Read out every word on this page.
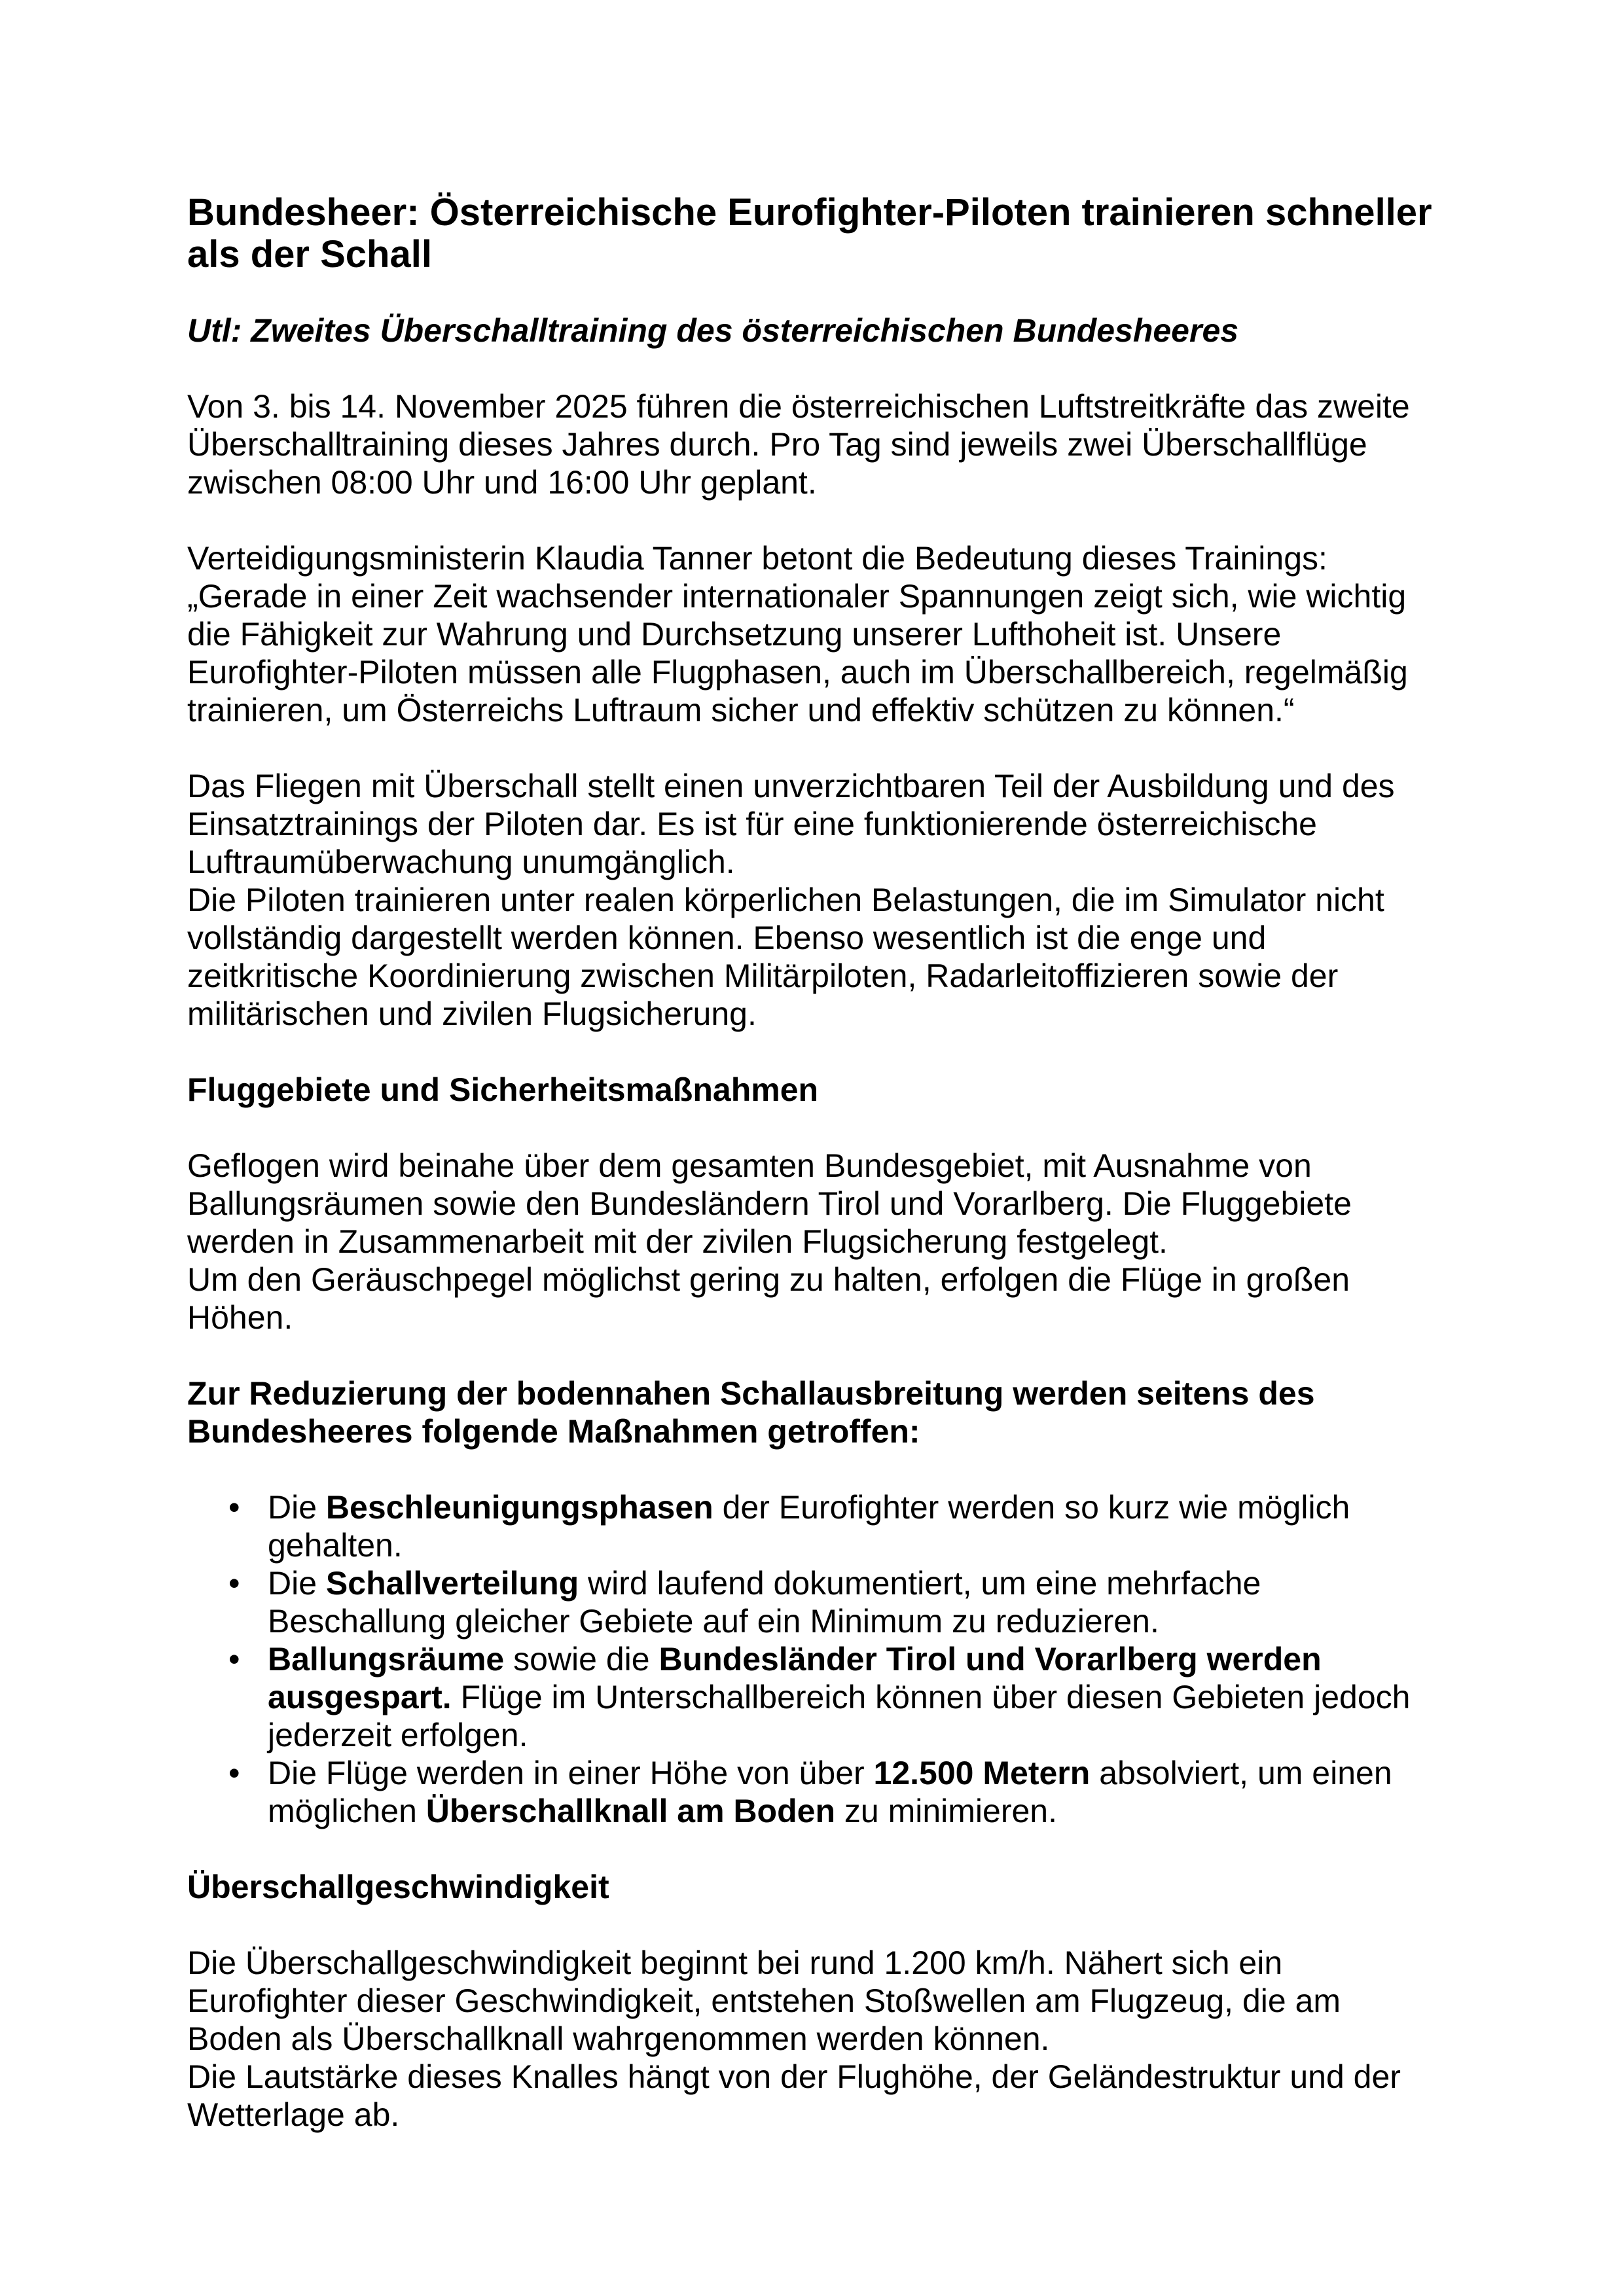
Bundesheer: Österreichische Eurofighter-Piloten trainieren schneller als der Schall

Utl: Zweites Überschalltraining des österreichischen Bundesheeres

Von 3. bis 14. November 2025 führen die österreichischen Luftstreitkräfte das zweite Überschalltraining dieses Jahres durch. Pro Tag sind jeweils zwei Überschallflüge zwischen 08:00 Uhr und 16:00 Uhr geplant.

Verteidigungsministerin Klaudia Tanner betont die Bedeutung dieses Trainings: „Gerade in einer Zeit wachsender internationaler Spannungen zeigt sich, wie wichtig die Fähigkeit zur Wahrung und Durchsetzung unserer Lufthoheit ist. Unsere Eurofighter-Piloten müssen alle Flugphasen, auch im Überschallbereich, regelmäßig trainieren, um Österreichs Luftraum sicher und effektiv schützen zu können.“

Das Fliegen mit Überschall stellt einen unverzichtbaren Teil der Ausbildung und des Einsatztrainings der Piloten dar. Es ist für eine funktionierende österreichische Luftraumüberwachung unumgänglich.

Die Piloten trainieren unter realen körperlichen Belastungen, die im Simulator nicht vollständig dargestellt werden können. Ebenso wesentlich ist die enge und zeitkritische Koordinierung zwischen Militärpiloten, Radarleitoffizieren sowie der militärischen und zivilen Flugsicherung.

Fluggebiete und Sicherheitsmaßnahmen

Geflogen wird beinahe über dem gesamten Bundesgebiet, mit Ausnahme von Ballungsräumen sowie den Bundesländern Tirol und Vorarlberg. Die Fluggebiete werden in Zusammenarbeit mit der zivilen Flugsicherung festgelegt.

Um den Geräuschpegel möglichst gering zu halten, erfolgen die Flüge in großen Höhen.

Zur Reduzierung der bodennahen Schallausbreitung werden seitens des Bundesheeres folgende Maßnahmen getroffen:

• Die Beschleunigungsphasen der Eurofighter werden so kurz wie möglich gehalten.
• Die Schallverteilung wird laufend dokumentiert, um eine mehrfache Beschallung gleicher Gebiete auf ein Minimum zu reduzieren.
• Ballungsräume sowie die Bundesländer Tirol und Vorarlberg werden ausgespart. Flüge im Unterschallbereich können über diesen Gebieten jedoch jederzeit erfolgen.
• Die Flüge werden in einer Höhe von über 12.500 Metern absolviert, um einen möglichen Überschallknall am Boden zu minimieren.
Überschallgeschwindigkeit

Die Überschallgeschwindigkeit beginnt bei rund 1.200 km/h. Nähert sich ein Eurofighter dieser Geschwindigkeit, entstehen Stoßwellen am Flugzeug, die am Boden als Überschallknall wahrgenommen werden können.

Die Lautstärke dieses Knalles hängt von der Flughöhe, der Geländestruktur und der Wetterlage ab.
